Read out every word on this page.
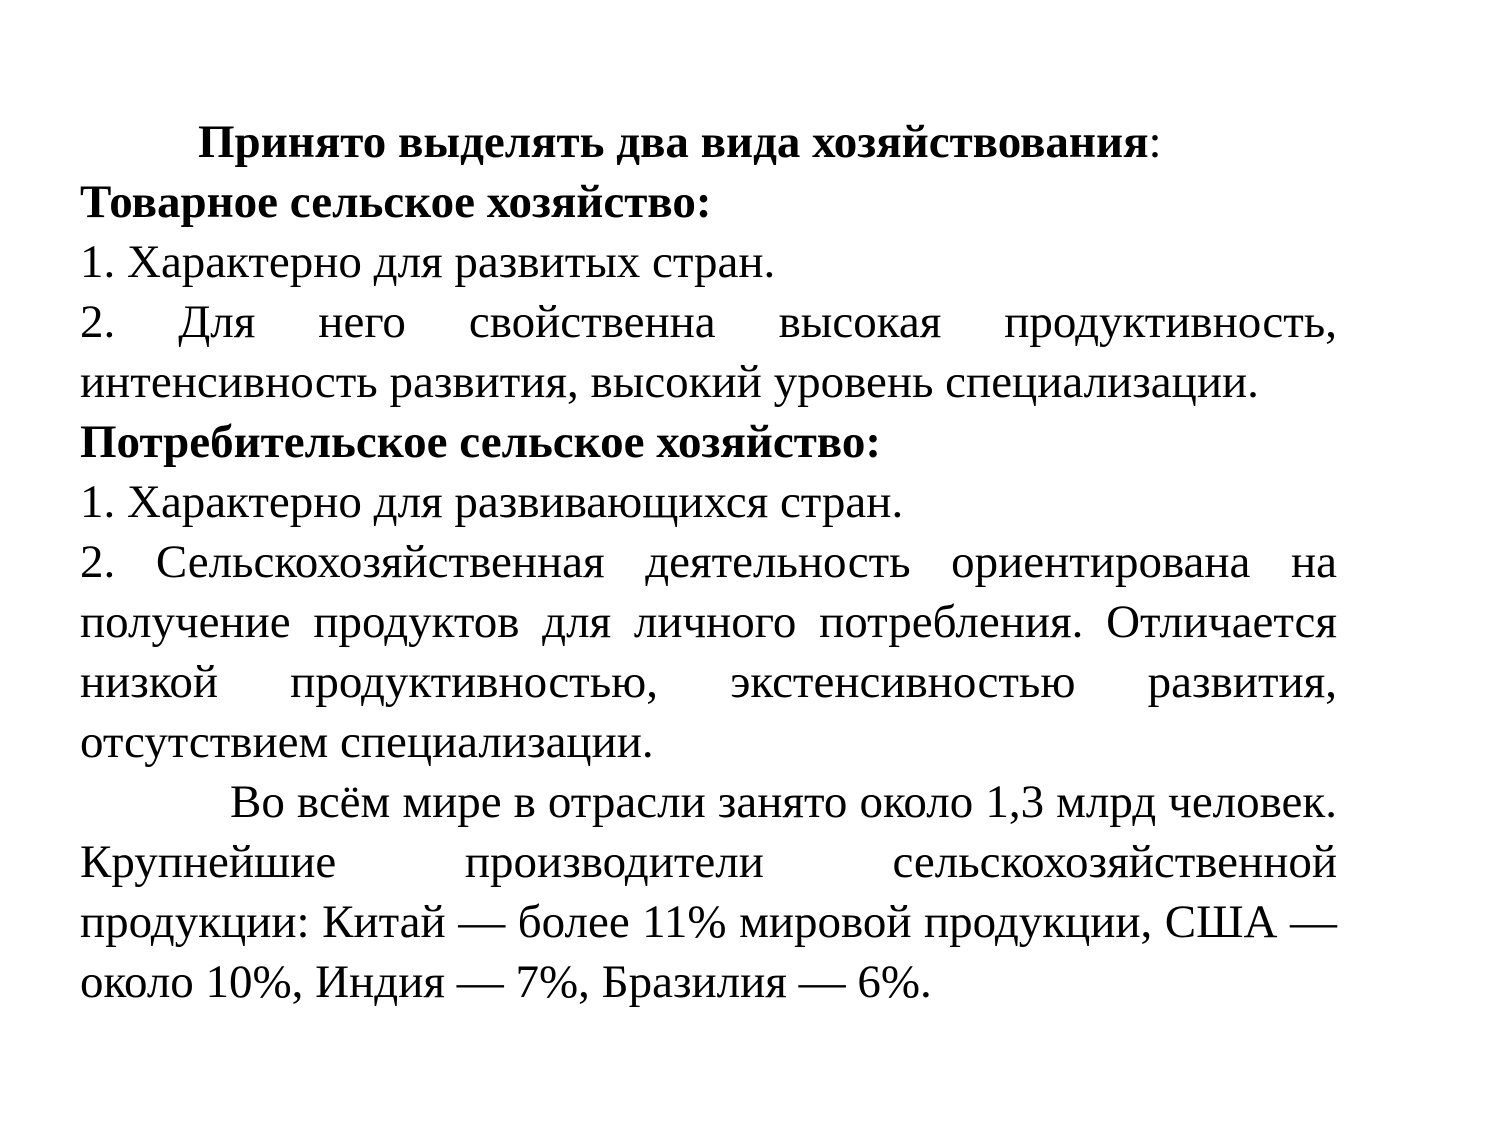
Принято выделять два вида хозяйствования:
Товарное сельское хозяйство:
1. Характерно для развитых стран.
2. Для него свойственна высокая продуктивность, интенсивность развития, высокий уровень специализации.
Потребительское сельское хозяйство:
1. Характерно для развивающихся стран.
2. Сельскохозяйственная деятельность ориентирована на получение продуктов для личного потребления. Отличается низкой продуктивностью, экстенсивностью развития, отсутствием специализации.
Во всём мире в отрасли занято около 1,3 млрд человек. Крупнейшие производители сельскохозяйственной продукции: Китай — более 11% мировой продукции, США — около 10%, Индия — 7%, Бразилия — 6%.
